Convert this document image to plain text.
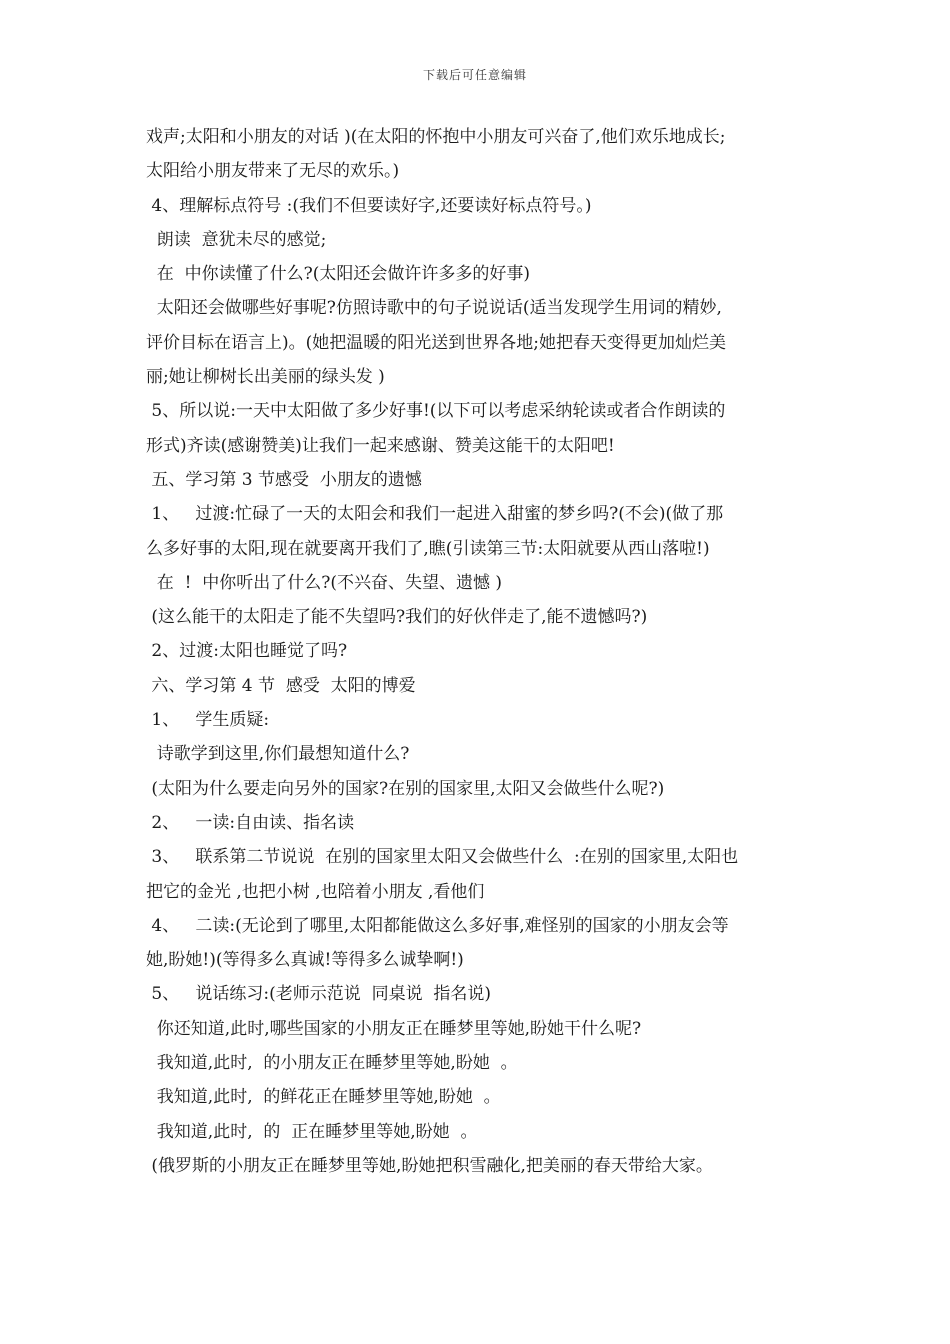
下载后可任意编辑
戏声;太阳和小朋友的对话 )(在太阳的怀抱中小朋友可兴奋了,他们欢乐地成长;
太阳给小朋友带来了无尽的欢乐。)
4、理解标点符号 :(我们不但要读好字,还要读好标点符号。)
朗读  意犹未尽的感觉;
在  中你读懂了什么?(太阳还会做许许多多的好事)
太阳还会做哪些好事呢?仿照诗歌中的句子说说话(适当发现学生用词的精妙,
评价目标在语言上)。(她把温暖的阳光送到世界各地;她把春天变得更加灿烂美
丽;她让柳树长出美丽的绿头发 )
5、所以说:一天中太阳做了多少好事!(以下可以考虑采纳轮读或者合作朗读的
形式)齐读(感谢赞美)让我们一起来感谢、赞美这能干的太阳吧!
五、学习第 3 节感受  小朋友的遗憾
1、   过渡:忙碌了一天的太阳会和我们一起进入甜蜜的梦乡吗?(不会)(做了那
么多好事的太阳,现在就要离开我们了,瞧(引读第三节:太阳就要从西山落啦!)
在  !  中你听出了什么?(不兴奋、失望、遗憾 )
(这么能干的太阳走了能不失望吗?我们的好伙伴走了,能不遗憾吗?)
2、过渡:太阳也睡觉了吗?
六、学习第 4 节  感受  太阳的博爱
1、   学生质疑:
诗歌学到这里,你们最想知道什么?
(太阳为什么要走向另外的国家?在别的国家里,太阳又会做些什么呢?)
2、   一读:自由读、指名读
3、   联系第二节说说  在别的国家里太阳又会做些什么  :在别的国家里,太阳也
把它的金光 ,也把小树 ,也陪着小朋友 ,看他们
4、   二读:(无论到了哪里,太阳都能做这么多好事,难怪别的国家的小朋友会等
她,盼她!)(等得多么真诚!等得多么诚挚啊!)
5、   说话练习:(老师示范说  同桌说  指名说)
你还知道,此时,哪些国家的小朋友正在睡梦里等她,盼她干什么呢?
我知道,此时,  的小朋友正在睡梦里等她,盼她  。
我知道,此时,  的鲜花正在睡梦里等她,盼她  。
我知道,此时,  的  正在睡梦里等她,盼她  。
(俄罗斯的小朋友正在睡梦里等她,盼她把积雪融化,把美丽的春天带给大家。
